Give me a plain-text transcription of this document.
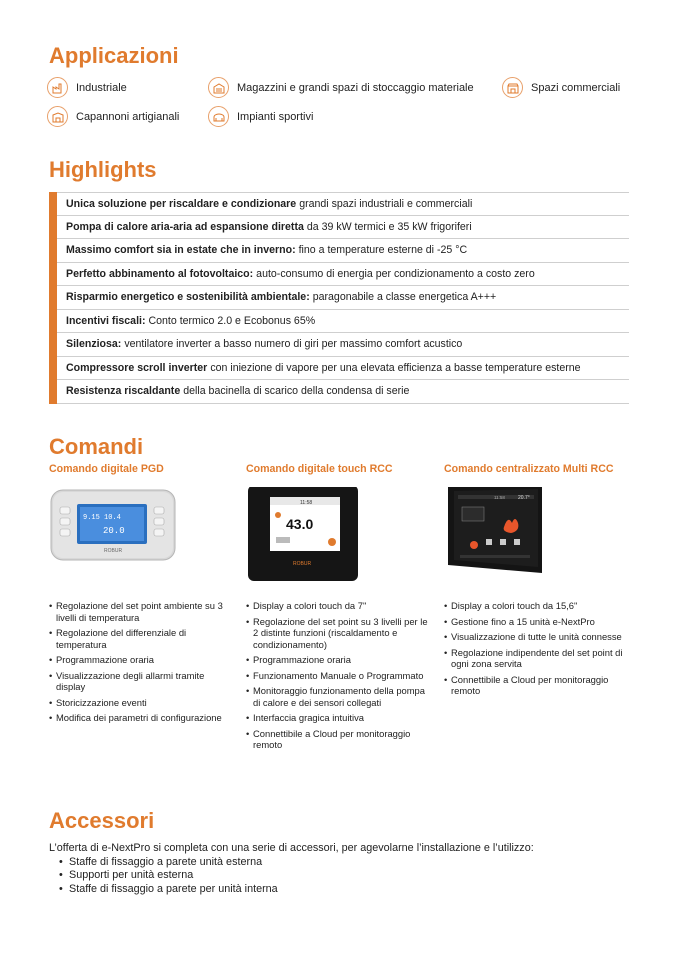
Applicazioni
Industriale	Magazzini e grandi spazi di stoccaggio materiale	Spazi commerciali
Capannoni artigianali	Impianti sportivi
Highlights
Unica soluzione per riscaldare e condizionare grandi spazi industriali e commerciali
Pompa di calore aria-aria ad espansione diretta da 39 kW termici e 35 kW frigoriferi
Massimo comfort sia in estate che in inverno: fino a temperature esterne di -25 °C
Perfetto abbinamento al fotovoltaico: auto-consumo di energia per condizionamento a costo zero
Risparmio energetico e sostenibilità ambientale: paragonabile a classe energetica A+++
Incentivi fiscali: Conto termico 2.0 e Ecobonus 65%
Silenziosa: ventilatore inverter a basso numero di giri per massimo comfort acustico
Compressore scroll inverter con iniezione di vapore per una elevata efficienza a basse temperature esterne
Resistenza riscaldante della bacinella di scarico della condensa di serie
Comandi
Comando digitale PGD
9.15 10.4
20.0
ROBUR
• Regolazione del set point ambiente su 3 livelli di temperatura
• Regolazione del differenziale di temperatura
• Programmazione oraria
• Visualizzazione degli allarmi tramite display
• Storicizzazione eventi
• Modifica dei parametri di configurazione
Comando digitale touch RCC
11:58
43.0
ROBUR
• Display a colori touch da 7"
• Regolazione del set point su 3 livelli per le 2 distinte funzioni (riscaldamento e condizionamento)
• Programmazione oraria
• Funzionamento Manuale o Programmato
• Monitoraggio funzionamento della pompa di calore e dei sensori collegati
• Interfaccia gragica intuitiva
• Connettibile a Cloud per monitoraggio remoto
Comando centralizzato Multi RCC
20.7°
11:58
• Display a colori touch da 15,6"
• Gestione fino a 15 unità e-NextPro
• Visualizzazione di tutte le unità connesse
• Regolazione indipendente del set point di ogni zona servita
• Connettibile a Cloud per monitoraggio remoto
Accessori
L’offerta di e-NextPro si completa con una serie di accessori, per agevolarne l’installazione e l’utilizzo:
• Staffe di fissaggio a parete unità esterna
• Supporti per unità esterna
• Staffe di fissaggio a parete per unità interna
